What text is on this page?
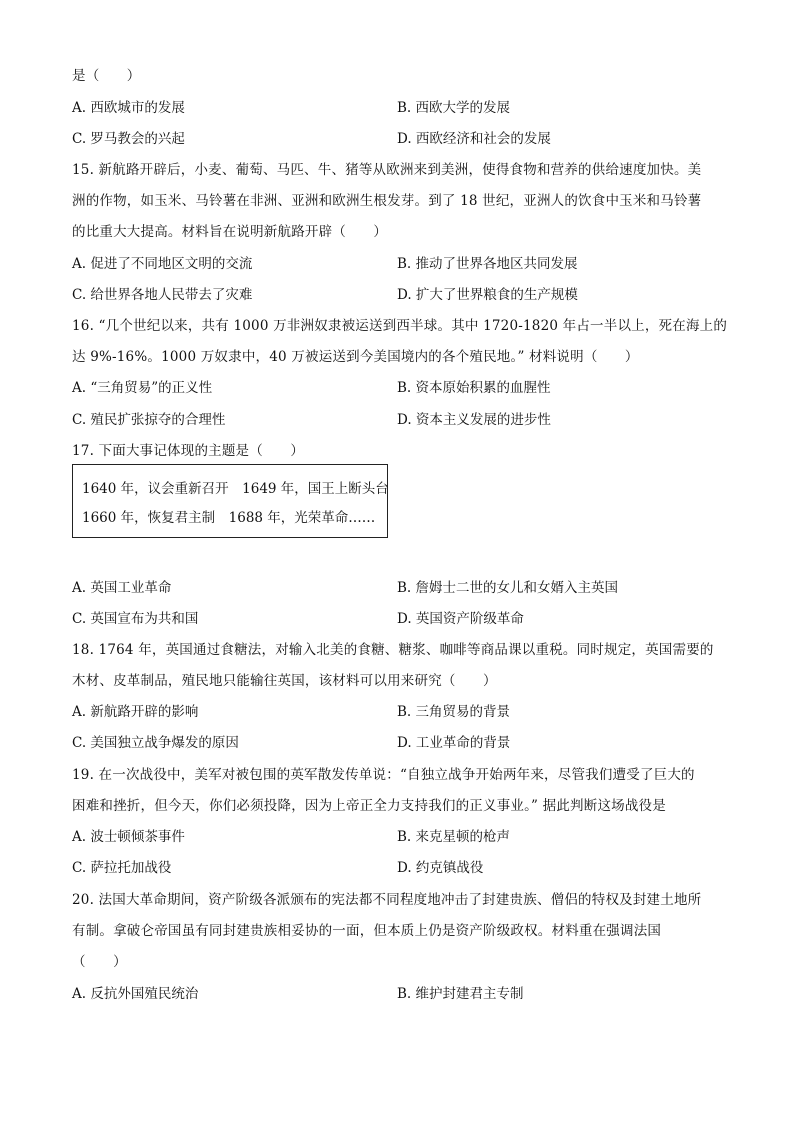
是（　　）
A. 西欧城市的发展	B. 西欧大学的发展
C. 罗马教会的兴起	D. 西欧经济和社会的发展
15. 新航路开辟后，小麦、葡萄、马匹、牛、猪等从欧洲来到美洲，使得食物和营养的供给速度加快。美
洲的作物，如玉米、马铃薯在非洲、亚洲和欧洲生根发芽。到了 18 世纪，亚洲人的饮食中玉米和马铃薯
的比重大大提高。材料旨在说明新航路开辟（　　）
A. 促进了不同地区文明的交流	B. 推动了世界各地区共同发展
C. 给世界各地人民带去了灾难	D. 扩大了世界粮食的生产规模
16. “几个世纪以来，共有 1000 万非洲奴隶被运送到西半球。其中 1720-1820 年占一半以上，死在海上的
达 9%-16%。1000 万奴隶中，40 万被运送到今美国境内的各个殖民地。” 材料说明（　　）
A. “三角贸易”的正义性	B. 资本原始积累的血腥性
C. 殖民扩张掠夺的合理性	D. 资本主义发展的进步性
17. 下面大事记体现的主题是（　　）
1640 年，议会重新召开　1649 年，国王上断头台
1660 年，恢复君主制　1688 年，光荣革命……
A. 英国工业革命	B. 詹姆士二世的女儿和女婿入主英国
C. 英国宣布为共和国	D. 英国资产阶级革命
18. 1764 年，英国通过食糖法，对输入北美的食糖、糖浆、咖啡等商品课以重税。同时规定，英国需要的
木材、皮革制品，殖民地只能输往英国，该材料可以用来研究（　　）
A. 新航路开辟的影响	B. 三角贸易的背景
C. 美国独立战争爆发的原因	D. 工业革命的背景
19. 在一次战役中，美军对被包围的英军散发传单说：“自独立战争开始两年来，尽管我们遭受了巨大的
困难和挫折，但今天，你们必须投降，因为上帝正全力支持我们的正义事业。” 据此判断这场战役是
A. 波士顿倾茶事件	B. 来克星顿的枪声
C. 萨拉托加战役	D. 约克镇战役
20. 法国大革命期间，资产阶级各派颁布的宪法都不同程度地冲击了封建贵族、僧侣的特权及封建土地所
有制。拿破仑帝国虽有同封建贵族相妥协的一面，但本质上仍是资产阶级政权。材料重在强调法国
（　　）
A. 反抗外国殖民统治	B. 维护封建君主专制
